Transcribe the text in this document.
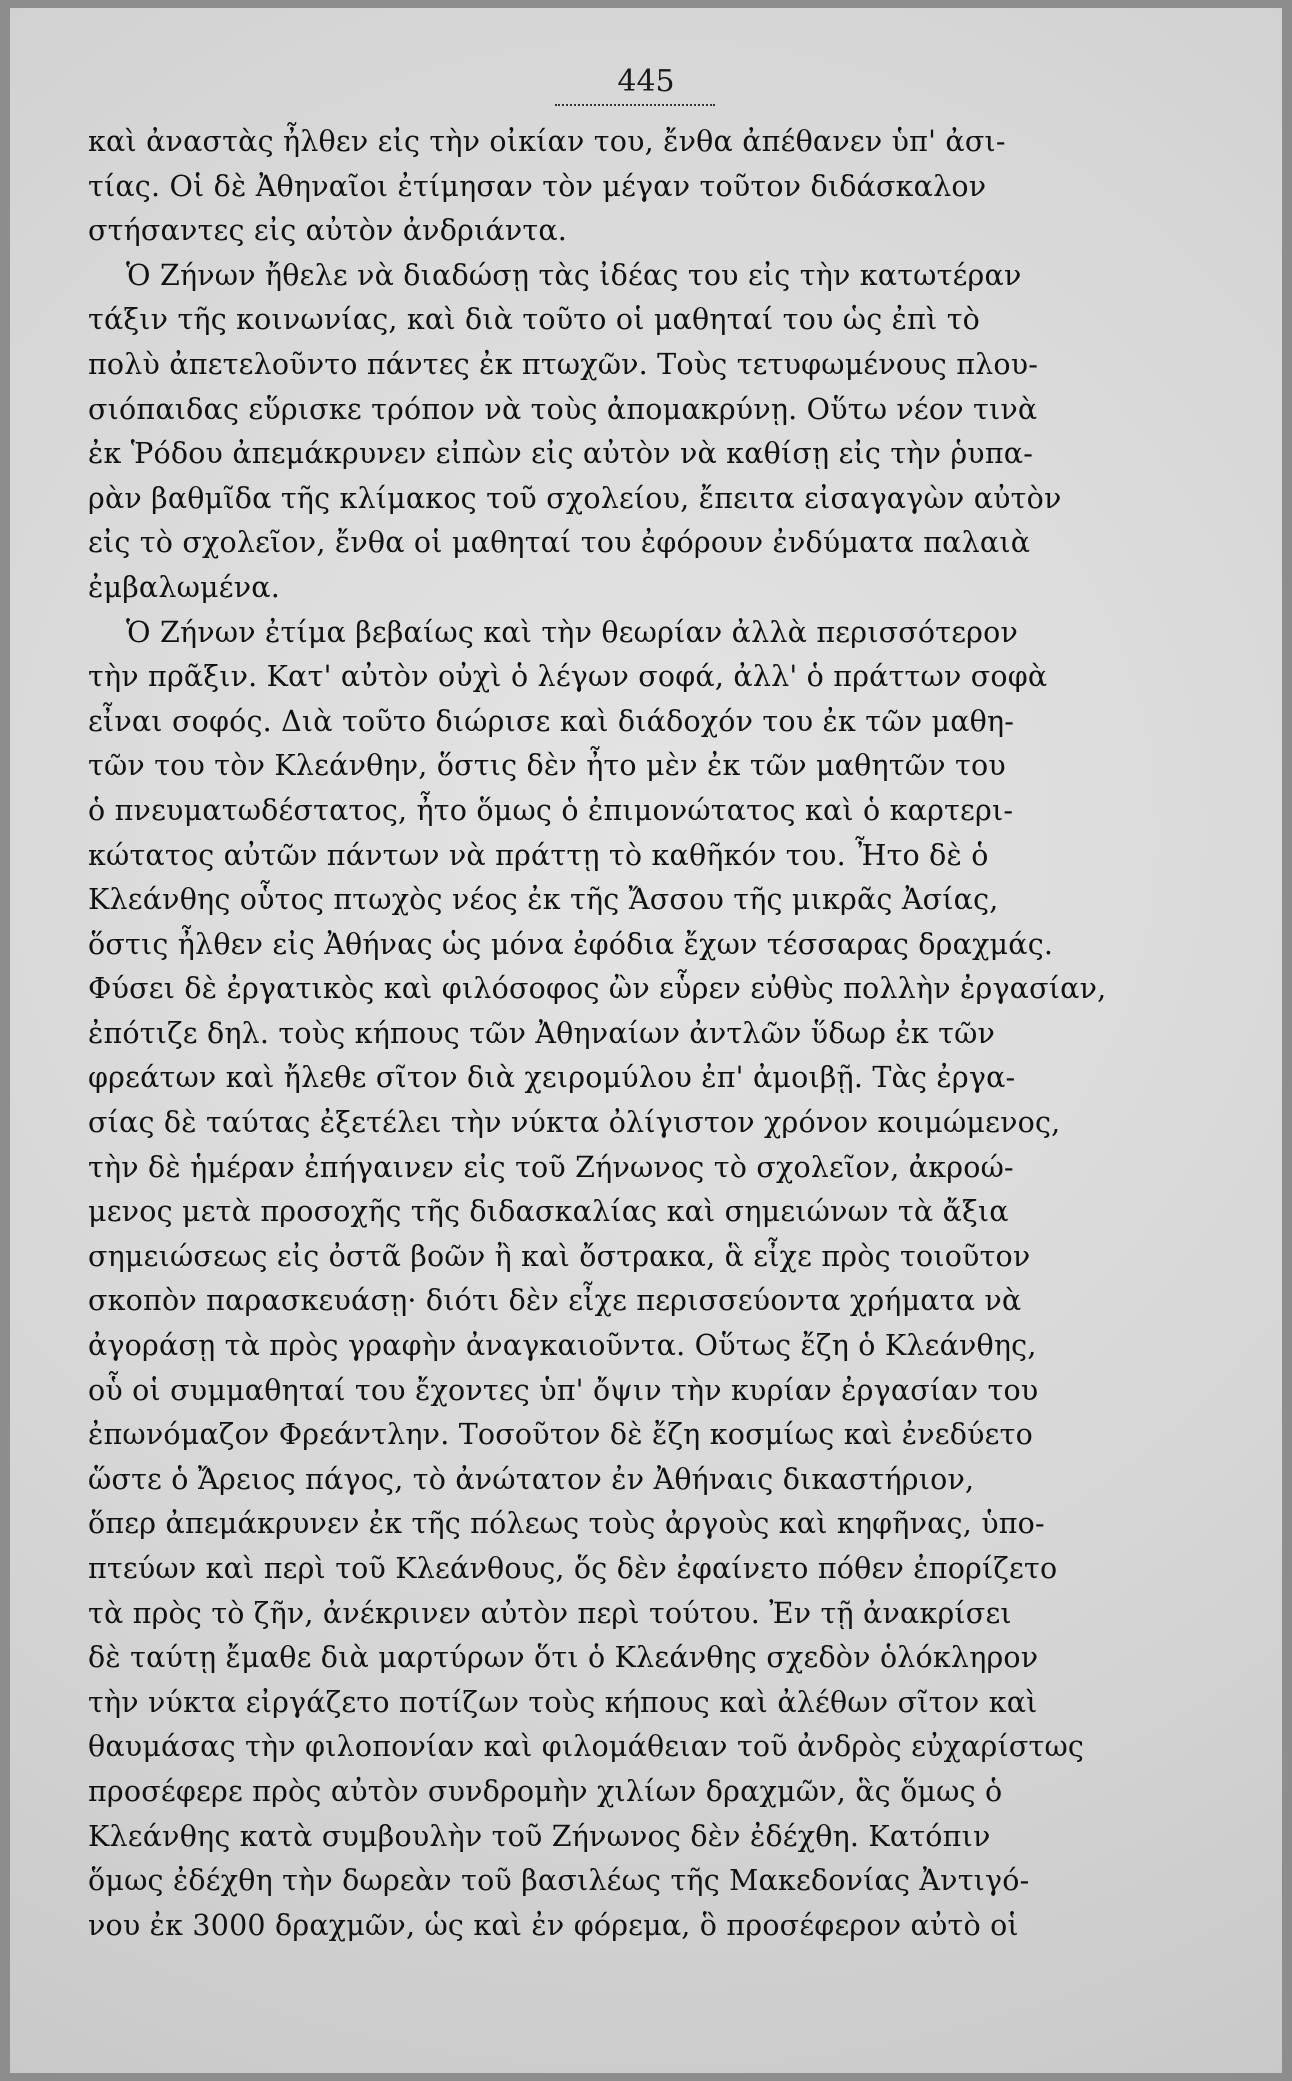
445
καὶ ἀναστὰς ἦλθεν εἰς τὴν οἰκίαν του, ἔνθα ἀπέθανεν ὑπ' ἀσι-
τίας. Οἱ δὲ Ἀθηναῖοι ἐτίμησαν τὸν μέγαν τοῦτον διδάσκαλον
στήσαντες εἰς αὐτὸν ἀνδριάντα.
Ὁ Ζήνων ἤθελε νὰ διαδώσῃ τὰς ἰδέας του εἰς τὴν κατωτέραν
τάξιν τῆς κοινωνίας, καὶ διὰ τοῦτο οἱ μαθηταί του ὡς ἐπὶ τὸ
πολὺ ἀπετελοῦντο πάντες ἐκ πτωχῶν. Τοὺς τετυφωμένους πλου-
σιόπαιδας εὕρισκε τρόπον νὰ τοὺς ἀπομακρύνῃ. Οὕτω νέον τινὰ
ἐκ Ῥόδου ἀπεμάκρυνεν εἰπὼν εἰς αὐτὸν νὰ καθίσῃ εἰς τὴν ῥυπα-
ρὰν βαθμῖδα τῆς κλίμακος τοῦ σχολείου, ἔπειτα εἰσαγαγὼν αὐτὸν
εἰς τὸ σχολεῖον, ἔνθα οἱ μαθηταί του ἐφόρουν ἐνδύματα παλαιὰ
ἐμβαλωμένα.
Ὁ Ζήνων ἐτίμα βεβαίως καὶ τὴν θεωρίαν ἀλλὰ περισσότερον
τὴν πρᾶξιν. Κατ' αὐτὸν οὐχὶ ὁ λέγων σοφά, ἀλλ' ὁ πράττων σοφὰ
εἶναι σοφός. Διὰ τοῦτο διώρισε καὶ διάδοχόν του ἐκ τῶν μαθη-
τῶν του τὸν Κλεάνθην, ὅστις δὲν ἦτο μὲν ἐκ τῶν μαθητῶν του
ὁ πνευματωδέστατος, ἦτο ὅμως ὁ ἐπιμονώτατος καὶ ὁ καρτερι-
κώτατος αὐτῶν πάντων νὰ πράττῃ τὸ καθῆκόν του. Ἦτο δὲ ὁ
Κλεάνθης οὗτος πτωχὸς νέος ἐκ τῆς Ἄσσου τῆς μικρᾶς Ἀσίας,
ὅστις ἦλθεν εἰς Ἀθήνας ὡς μόνα ἐφόδια ἔχων τέσσαρας δραχμάς.
Φύσει δὲ ἐργατικὸς καὶ φιλόσοφος ὢν εὗρεν εὐθὺς πολλὴν ἐργασίαν,
ἐπότιζε δηλ. τοὺς κήπους τῶν Ἀθηναίων ἀντλῶν ὕδωρ ἐκ τῶν
φρεάτων καὶ ἤλεθε σῖτον διὰ χειρομύλου ἐπ' ἀμοιβῇ. Τὰς ἐργα-
σίας δὲ ταύτας ἐξετέλει τὴν νύκτα ὀλίγιστον χρόνον κοιμώμενος,
τὴν δὲ ἡμέραν ἐπήγαινεν εἰς τοῦ Ζήνωνος τὸ σχολεῖον, ἀκροώ-
μενος μετὰ προσοχῆς τῆς διδασκαλίας καὶ σημειώνων τὰ ἄξια
σημειώσεως εἰς ὀστᾶ βοῶν ἢ καὶ ὄστρακα, ἃ εἶχε πρὸς τοιοῦτον
σκοπὸν παρασκευάσῃ· διότι δὲν εἶχε περισσεύοντα χρήματα νὰ
ἀγοράσῃ τὰ πρὸς γραφὴν ἀναγκαιοῦντα. Οὕτως ἔζη ὁ Κλεάνθης,
οὗ οἱ συμμαθηταί του ἔχοντες ὑπ' ὄψιν τὴν κυρίαν ἐργασίαν του
ἐπωνόμαζον Φρεάντλην. Τοσοῦτον δὲ ἔζη κοσμίως καὶ ἐνεδύετο
ὥστε ὁ Ἄρειος πάγος, τὸ ἀνώτατον ἐν Ἀθήναις δικαστήριον,
ὅπερ ἀπεμάκρυνεν ἐκ τῆς πόλεως τοὺς ἀργοὺς καὶ κηφῆνας, ὑπο-
πτεύων καὶ περὶ τοῦ Κλεάνθους, ὅς δὲν ἐφαίνετο πόθεν ἐπορίζετο
τὰ πρὸς τὸ ζῆν, ἀνέκρινεν αὐτὸν περὶ τούτου. Ἐν τῇ ἀνακρίσει
δὲ ταύτῃ ἔμαθε διὰ μαρτύρων ὅτι ὁ Κλεάνθης σχεδὸν ὁλόκληρον
τὴν νύκτα εἰργάζετο ποτίζων τοὺς κήπους καὶ ἀλέθων σῖτον καὶ
θαυμάσας τὴν φιλοπονίαν καὶ φιλομάθειαν τοῦ ἀνδρὸς εὐχαρίστως
προσέφερε πρὸς αὐτὸν συνδρομὴν χιλίων δραχμῶν, ἃς ὅμως ὁ
Κλεάνθης κατὰ συμβουλὴν τοῦ Ζήνωνος δὲν ἐδέχθη. Κατόπιν
ὅμως ἐδέχθη τὴν δωρεὰν τοῦ βασιλέως τῆς Μακεδονίας Ἀντιγό-
νου ἐκ 3000 δραχμῶν, ὡς καὶ ἐν φόρεμα, ὃ προσέφερον αὐτὸ οἱ
